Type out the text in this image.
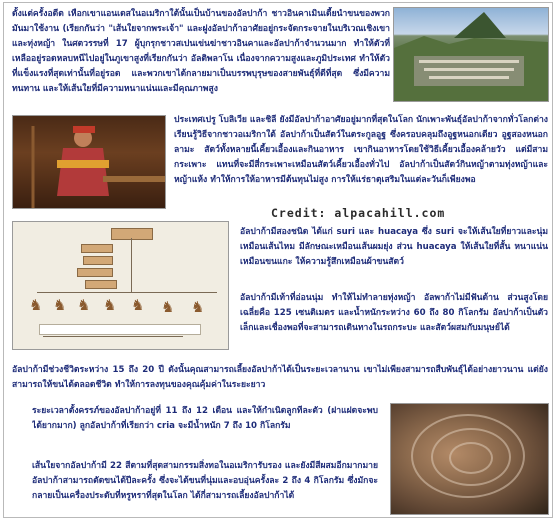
ดั้งแต่ครั้งอดีต เหือกเขาแอนเดสในอเมริกาใต้นั้นเป็นบ้านของอัลปาก้า ชาวอินคาเมินเดี้ยนำขนของพวกมันมาใช้งาน (เรียกกันว่า "เส้นใยจากพระเจ้า" และฝูงอัลปาก้าอาศัยอยู่กระจัดกระจายในบริเวณเชิงเขาและทุ่งหญ้า ในศตวรรษที่ 17 ผู้บุกรุกชาวสเปนเข่นฆ่าชาวอินคาและอัลปาก้าจำนวนมาก ทำให้ตัวที่เหลืออยู่รอดหลบหนีไปอยู่ในภูเขาสูงที่เรียกกันว่า อัลติพลาโน เนื่องจากความสูงและภูมิประเทศ ทำให้ตัวที่แข็งแรงที่สุดเท่านั้นที่อยู่รอด และพวกเขาได้กลายมาเป็นบรรพบุรุษของสายพันธุ์ที่ดีที่สุด ซึ่งมีความทนทาน และให้เส้นใยที่มีความหนาแน่นและมีคุณภาพสูง

ประเทศเปรู โบลิเวีย และชิลี ยังมีอัลปาก้าอาศัยอยู่มากที่สุดในโลก นักเพาะพันธุ์อัลปาก้าจากทั่วโลกต่างเรียนรู้วิธีจากชาวอเมริกาใต้ อัลปาก้าเป็นสัตว์ในตระกูลอูฐ ซึ่งครอบคลุมถึงอูฐหนอกเดียว อูฐสองหนอก ลามะ สัตว์ทั้งหลายนี้เคี้ยวเอื้องและกินอาหาร เขากินอาหารโดยใช้วิธีเคี้ยวเอื้องคล้ายวัว แต่มีสามกระเพาะ แทนที่จะมีสี่กระเพาะเหมือนสัตว์เคี้ยวเอื้องทั่วไป อัลปาก้าเป็นสัตว์กินหญ้าตามทุ่งหญ้าและหญ้าแห้ง ทำให้การให้อาหารมีต้นทุนไม่สูง การให้แร่ธาตุเสริมในแต่ละวันก็เพียงพอ

Credit: alpacahill.com
♞ ♞ ♞ ♞ ♞ ♞ ♞

อัลปาก้ามีสองชนิด ได้แก่ suri และ huacaya ซึ่ง suri จะให้เส้นใยที่ยาวและนุ่มเหมือนเส้นไหม มีลักษณะเหมือนเส้นผมยุ่ง ส่วน huacaya ให้เส้นใยที่สั้น หนาแน่น เหมือนขนแกะ ให้ความรู้สึกเหมือนผ้าขนสัตว์

อัลปาก้ามีเท้าที่อ่อนนุ่ม ทำให้ไม่ทำลายทุ่งหญ้า อัลพาก้าไม่มีฟันด้าน ส่วนสูงโดยเฉลี่ยคือ 125 เซนติเมตร และน้ำหนักระหว่าง 60 ถึง 80 กิโลกรัม อัลปาก้าเป็นตัวเล็กและเชื่องพอที่จะสามารถเดินทางในรถกระบะ และสัตว์ผสมกับมนุษย์ได้

อัลปาก้ามีช่วงชีวิตระหว่าง 15 ถึง 20 ปี ดังนั้นคุณสามารถเลี้ยงอัลปาก้าได้เป็นระยะเวลานาน เขาไม่เพียงสามารถสืบพันธุ์ได้อย่างยาวนาน แต่ยังสามารถให้ขนได้ตลอดชีวิต ทำให้การลงทุนของคุณคุ้มค่าในระยะยาว

ระยะเวลาตั้งครรภ์ของอัลปาก้าอยู่ที่ 11 ถึง 12 เดือน และให้กำเนิดลูกทีละตัว (ฝาแฝดจะพบได้ยากมาก) ลูกอัลปาก้าที่เรียกว่า cria จะมีน้ำหนัก 7 ถึง 10 กิโลกรัม

เส้นใยจากอัลปาก้ามี 22 สีตามที่สุดสามกรรมสิ่งทอในอเมริการับรอง และยังมีสีผสมอีกมากมาย อัลปาก้าสามารถตัดขนได้ปีละครั้ง ซึ่งจะได้ขนที่นุ่มและอบอุ่นครั้งละ 2 ถึง 4 กิโลกรัม ซึ่งมักจะกลายเป็นเครื่องประดับที่หรูหราที่สุดในโลก ได้กี่สามารถเลี้ยงอัลปาก้าได้
